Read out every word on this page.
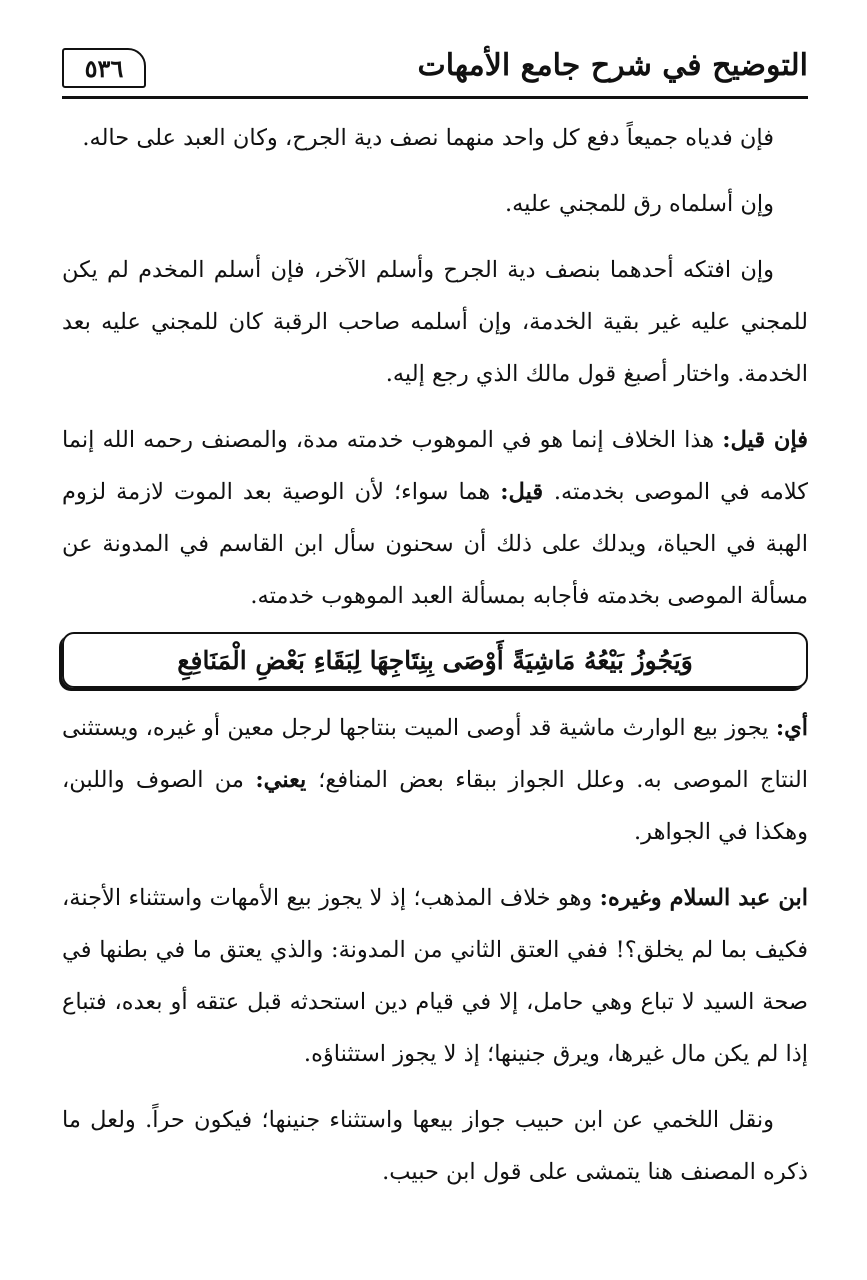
التوضيح في شرح جامع الأمهات
٥٣٦

فإن فدياه جميعاً دفع كل واحد منهما نصف دية الجرح، وكان العبد على حاله.

وإن أسلماه رق للمجني عليه.

وإن افتكه أحدهما بنصف دية الجرح وأسلم الآخر، فإن أسلم المخدم لم يكن للمجني عليه غير بقية الخدمة، وإن أسلمه صاحب الرقبة كان للمجني عليه بعد الخدمة. واختار أصبغ قول مالك الذي رجع إليه.

فإن قيل: هذا الخلاف إنما هو في الموهوب خدمته مدة، والمصنف رحمه الله إنما كلامه في الموصى بخدمته. قيل: هما سواء؛ لأن الوصية بعد الموت لازمة لزوم الهبة في الحياة، ويدلك على ذلك أن سحنون سأل ابن القاسم في المدونة عن مسألة الموصى بخدمته فأجابه بمسألة العبد الموهوب خدمته.

وَيَجُوزُ بَيْعُهُ مَاشِيَةً أَوْصَى بِنِتَاجِهَا لِبَقَاءِ بَعْضِ الْمَنَافِعِ

أي: يجوز بيع الوارث ماشية قد أوصى الميت بنتاجها لرجل معين أو غيره، ويستثنى النتاج الموصى به. وعلل الجواز ببقاء بعض المنافع؛ يعني: من الصوف واللبن، وهكذا في الجواهر.

ابن عبد السلام وغيره: وهو خلاف المذهب؛ إذ لا يجوز بيع الأمهات واستثناء الأجنة، فكيف بما لم يخلق؟! ففي العتق الثاني من المدونة: والذي يعتق ما في بطنها في صحة السيد لا تباع وهي حامل، إلا في قيام دين استحدثه قبل عتقه أو بعده، فتباع إذا لم يكن مال غيرها، ويرق جنينها؛ إذ لا يجوز استثناؤه.

ونقل اللخمي عن ابن حبيب جواز بيعها واستثناء جنينها؛ فيكون حراً. ولعل ما ذكره المصنف هنا يتمشى على قول ابن حبيب.
